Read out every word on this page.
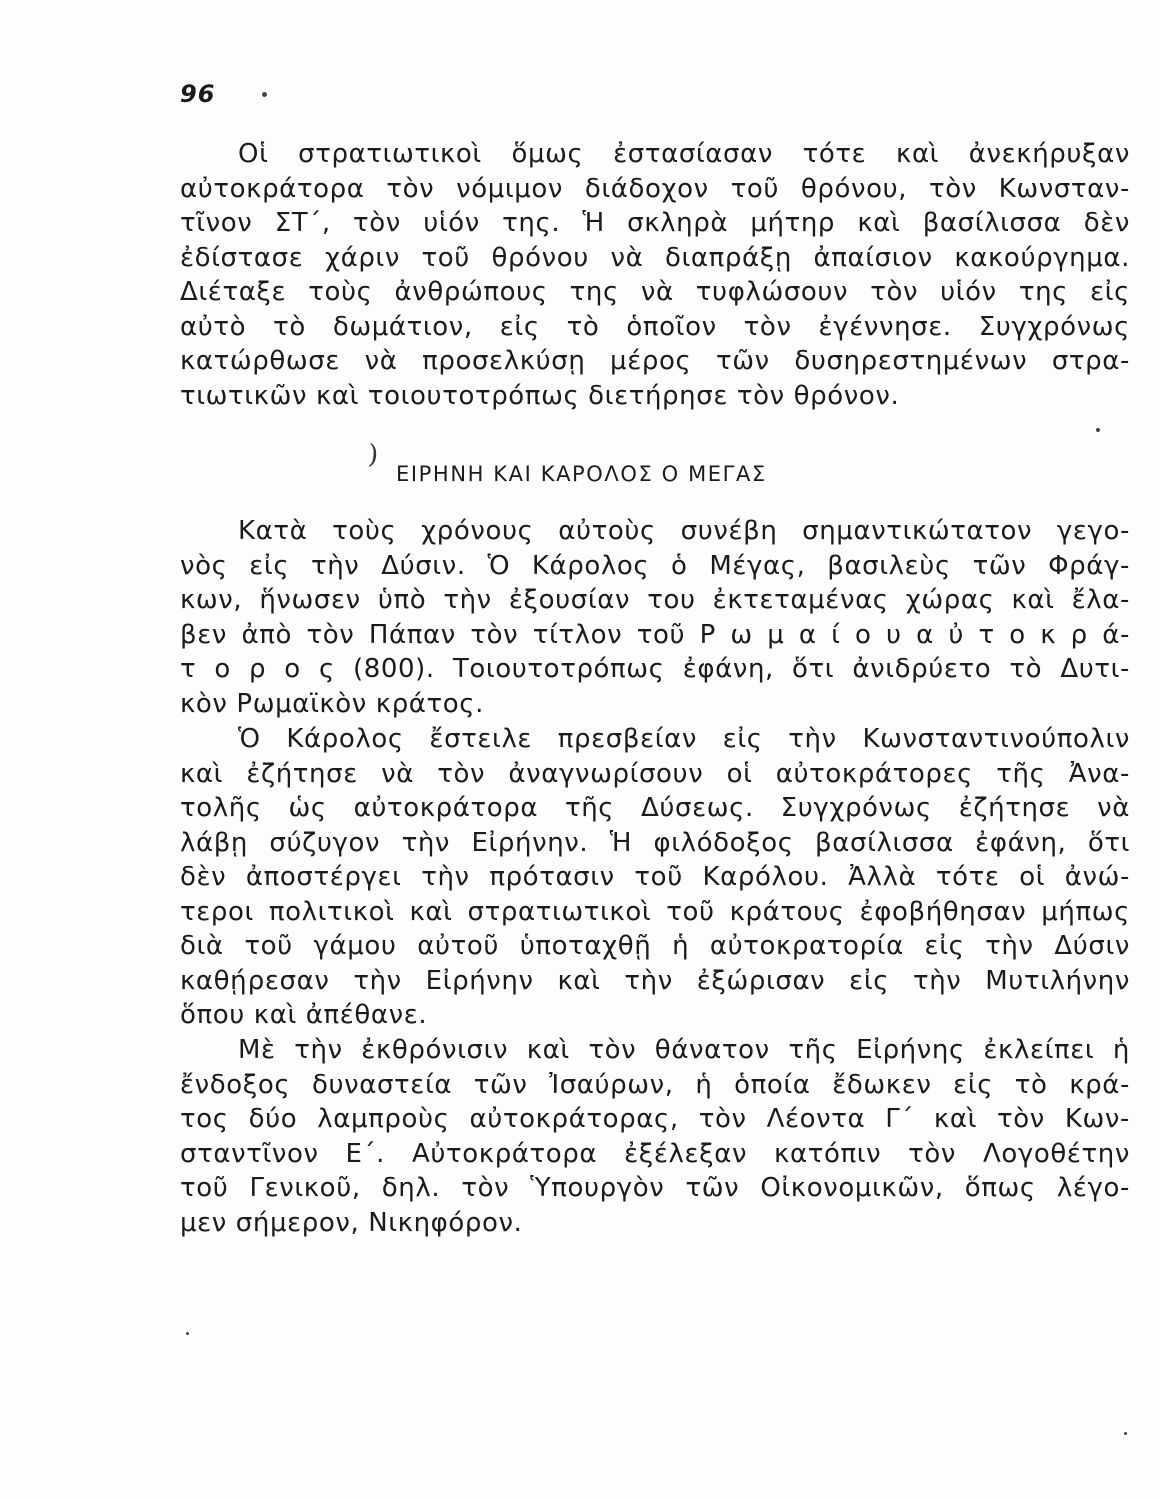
96
Οἱ στρατιωτικοὶ ὅμως ἐστασίασαν τότε καὶ ἀνεκήρυξαν
αὐτοκράτορα τὸν νόμιμον διάδοχον τοῦ θρόνου, τὸν Κωνσταν-
τῖνον ΣΤ΄, τὸν υἱόν της. Ἡ σκληρὰ μήτηρ καὶ βασίλισσα δὲν
ἐδίστασε χάριν τοῦ θρόνου νὰ διαπράξῃ ἀπαίσιον κακούργημα.
Διέταξε τοὺς ἀνθρώπους της νὰ τυφλώσουν τὸν υἱόν της εἰς
αὐτὸ τὸ δωμάτιον, εἰς τὸ ὁποῖον τὸν ἐγέννησε. Συγχρόνως
κατώρθωσε νὰ προσελκύσῃ μέρος τῶν δυσηρεστημένων στρα-
τιωτικῶν καὶ τοιουτοτρόπως διετήρησε τὸν θρόνον.
)
ΕΙΡΗΝΗ ΚΑΙ ΚΑΡΟΛΟΣ Ο ΜΕΓΑΣ
Κατὰ τοὺς χρόνους αὐτοὺς συνέβη σημαντικώτατον γεγο-
νὸς εἰς τὴν Δύσιν. Ὁ Κάρολος ὁ Μέγας, βασιλεὺς τῶν Φράγ-
κων, ἥνωσεν ὑπὸ τὴν ἐξουσίαν του ἐκτεταμένας χώρας καὶ ἔλα-
βεν ἀπὸ τὸν Πάπαν τὸν τίτλον τοῦ Ρ ω μ α ί ο υ α ὐ τ ο κ ρ ά-
τ ο ρ ο ς (800). Τοιουτοτρόπως ἐφάνη, ὅτι ἀνιδρύετο τὸ Δυτι-
κὸν Ρωμαϊκὸν κράτος.
Ὁ Κάρολος ἔστειλε πρεσβείαν εἰς τὴν Κωνσταντινούπολιν
καὶ ἐζήτησε νὰ τὸν ἀναγνωρίσουν οἱ αὐτοκράτορες τῆς Ἀνα-
τολῆς ὡς αὐτοκράτορα τῆς Δύσεως. Συγχρόνως ἐζήτησε νὰ
λάβῃ σύζυγον τὴν Εἰρήνην. Ἡ φιλόδοξος βασίλισσα ἐφάνη, ὅτι
δὲν ἀποστέργει τὴν πρότασιν τοῦ Καρόλου. Ἀλλὰ τότε οἱ ἀνώ-
τεροι πολιτικοὶ καὶ στρατιωτικοὶ τοῦ κράτους ἐφοβήθησαν μήπως
διὰ τοῦ γάμου αὐτοῦ ὑποταχθῇ ἡ αὐτοκρατορία εἰς τὴν Δύσιν
καθῄρεσαν τὴν Εἰρήνην καὶ τὴν ἐξώρισαν εἰς τὴν Μυτιλήνην
ὅπου καὶ ἀπέθανε.
Μὲ τὴν ἐκθρόνισιν καὶ τὸν θάνατον τῆς Εἰρήνης ἐκλείπει ἡ
ἔνδοξος δυναστεία τῶν Ἰσαύρων, ἡ ὁποία ἔδωκεν εἰς τὸ κρά-
τος δύο λαμπροὺς αὐτοκράτορας, τὸν Λέοντα Γ΄ καὶ τὸν Κων-
σταντῖνον Ε΄. Αὐτοκράτορα ἐξέλεξαν κατόπιν τὸν Λογοθέτην
τοῦ Γενικοῦ, δηλ. τὸν Ὑπουργὸν τῶν Οἰκονομικῶν, ὅπως λέγο-
μεν σήμερον, Νικηφόρον.
